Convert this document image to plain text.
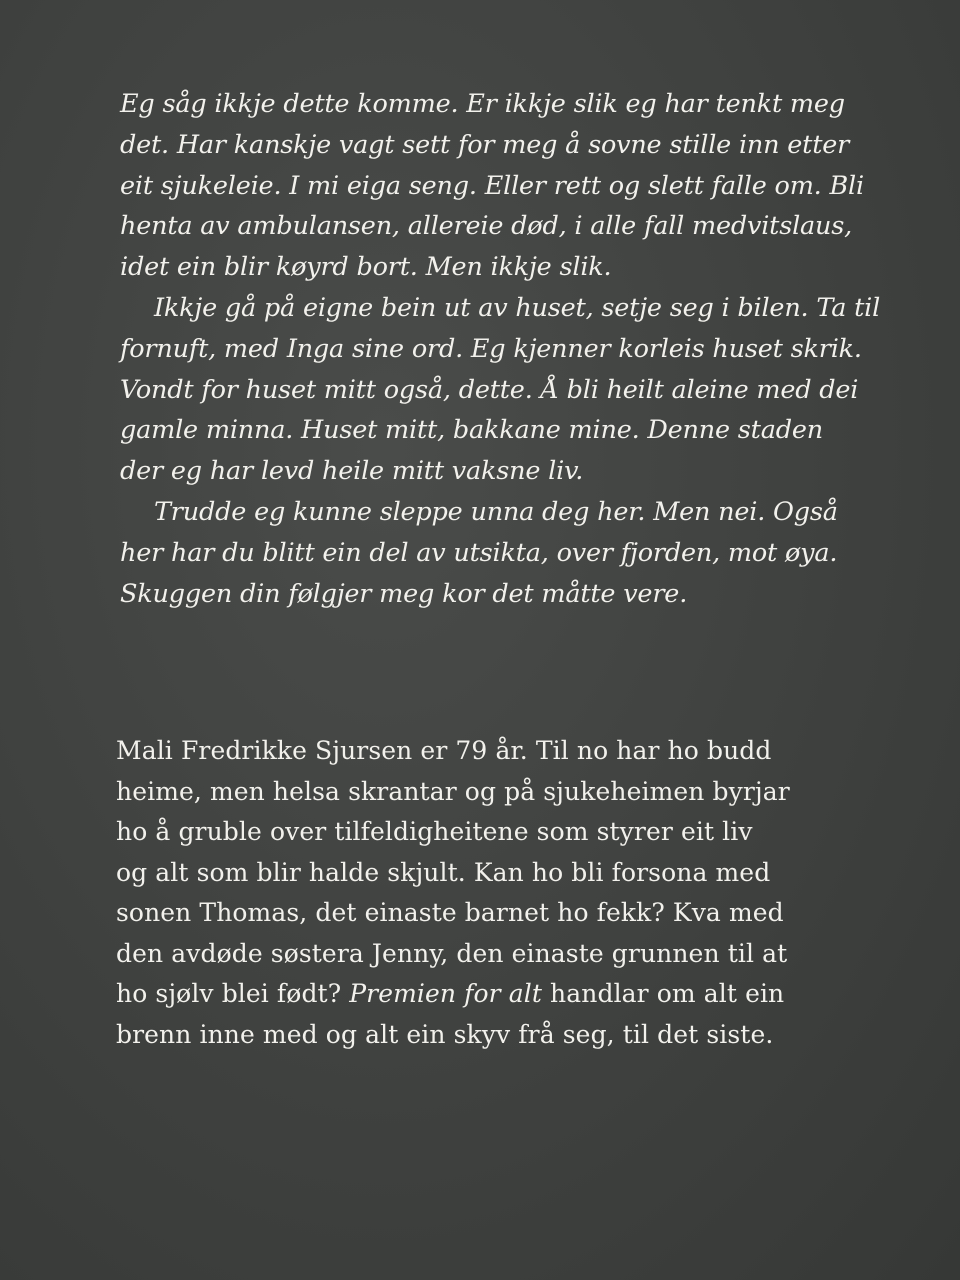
Eg såg ikkje dette komme. Er ikkje slik eg har tenkt meg
det. Har kanskje vagt sett for meg å sovne stille inn etter
eit sjukeleie. I mi eiga seng. Eller rett og slett falle om. Bli
henta av ambulansen, allereie død, i alle fall medvitslaus,
idet ein blir køyrd bort. Men ikkje slik.
Ikkje gå på eigne bein ut av huset, setje seg i bilen. Ta til
fornuft, med Inga sine ord. Eg kjenner korleis huset skrik.
Vondt for huset mitt også, dette. Å bli heilt aleine med dei
gamle minna. Huset mitt, bakkane mine. Denne staden
der eg har levd heile mitt vaksne liv.
Trudde eg kunne sleppe unna deg her. Men nei. Også
her har du blitt ein del av utsikta, over fjorden, mot øya.
Skuggen din følgjer meg kor det måtte vere.
Mali Fredrikke Sjursen er 79 år. Til no har ho budd
heime, men helsa skrantar og på sjukeheimen byrjar
ho å gruble over tilfeldigheitene som styrer eit liv
og alt som blir halde skjult. Kan ho bli forsona med
sonen Thomas, det einaste barnet ho fekk? Kva med
den avdøde søstera Jenny, den einaste grunnen til at
ho sjølv blei født? Premien for alt handlar om alt ein
brenn inne med og alt ein skyv frå seg, til det siste.
